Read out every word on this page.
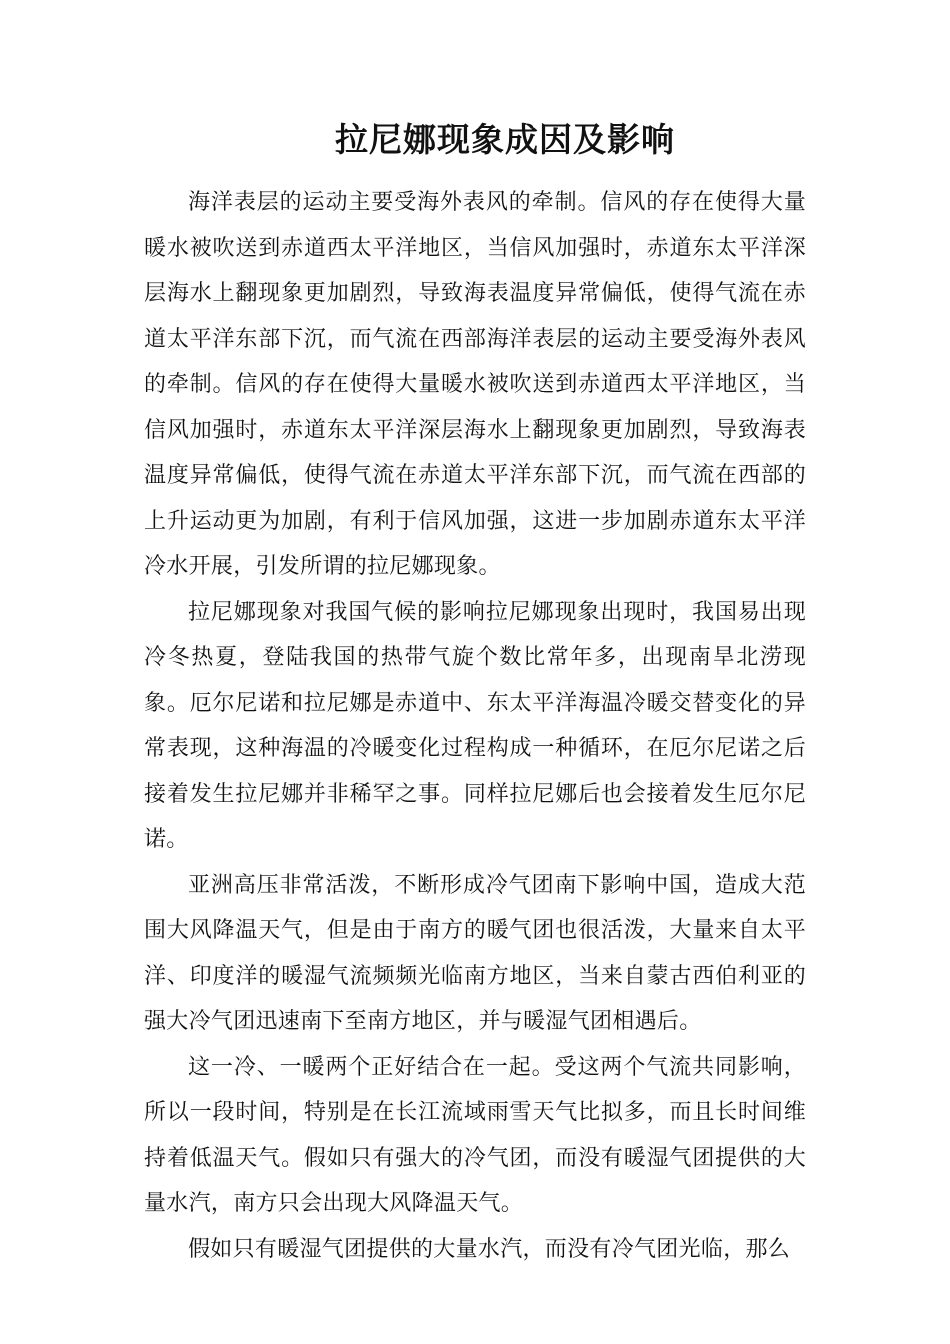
拉尼娜现象成因及影响

海洋表层的运动主要受海外表风的牵制。信风的存在使得大量暖水被吹送到赤道西太平洋地区，当信风加强时，赤道东太平洋深层海水上翻现象更加剧烈，导致海表温度异常偏低，使得气流在赤道太平洋东部下沉，而气流在西部海洋表层的运动主要受海外表风的牵制。信风的存在使得大量暖水被吹送到赤道西太平洋地区，当信风加强时，赤道东太平洋深层海水上翻现象更加剧烈，导致海表温度异常偏低，使得气流在赤道太平洋东部下沉，而气流在西部的上升运动更为加剧，有利于信风加强，这进一步加剧赤道东太平洋冷水开展，引发所谓的拉尼娜现象。

拉尼娜现象对我国气候的影响拉尼娜现象出现时，我国易出现冷冬热夏，登陆我国的热带气旋个数比常年多，出现南旱北涝现象。厄尔尼诺和拉尼娜是赤道中、东太平洋海温冷暖交替变化的异常表现，这种海温的冷暖变化过程构成一种循环，在厄尔尼诺之后接着发生拉尼娜并非稀罕之事。同样拉尼娜后也会接着发生厄尔尼诺。

亚洲高压非常活泼，不断形成冷气团南下影响中国，造成大范围大风降温天气，但是由于南方的暖气团也很活泼，大量来自太平洋、印度洋的暖湿气流频频光临南方地区，当来自蒙古西伯利亚的强大冷气团迅速南下至南方地区，并与暖湿气团相遇后。

这一冷、一暖两个正好结合在一起。受这两个气流共同影响，所以一段时间，特别是在长江流域雨雪天气比拟多，而且长时间维持着低温天气。假如只有强大的冷气团，而没有暖湿气团提供的大量水汽，南方只会出现大风降温天气。

假如只有暖湿气团提供的大量水汽，而没有冷气团光临，那么
